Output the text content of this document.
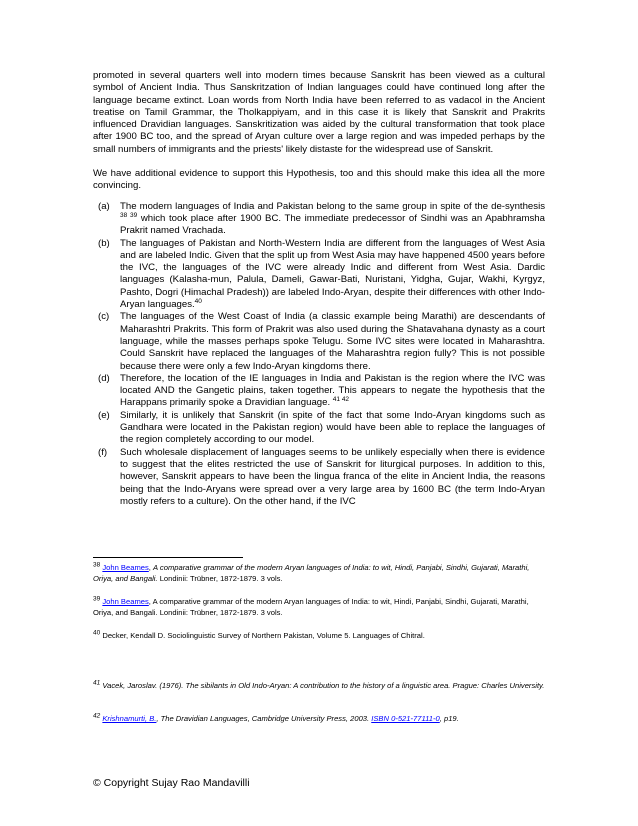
promoted in several quarters well into modern times because Sanskrit has been viewed as a cultural symbol of Ancient India. Thus Sanskritzation of Indian languages could have continued long after the language became extinct. Loan words from North India have been referred to as vadacol in the Ancient treatise on Tamil Grammar, the Tholkappiyam, and in this case it is likely that Sanskrit and Prakrits influenced Dravidian languages. Sanskritization was aided by the cultural transformation that took place after 1900 BC too, and the spread of Aryan culture over a large region and was impeded perhaps by the small numbers of immigrants and the priests' likely distaste for the widespread use of Sanskrit.

We have additional evidence to support this Hypothesis, too and this should make this idea all the more convincing.

(a) The modern languages of India and Pakistan belong to the same group in spite of the de-synthesis $^{38 39}$ which took place after 1900 BC. The immediate predecessor of Sindhi was an Apabhramsha Prakrit named Vrachada.
(b) The languages of Pakistan and North-Western India are different from the languages of West Asia and are labeled Indic. Given that the split up from West Asia may have happened 4500 years before the IVC, the languages of the IVC were already Indic and different from West Asia. Dardic languages (Kalasha-mun, Palula, Dameli, Gawar-Bati, Nuristani, Yidgha, Gujar, Wakhi, Kyrgyz, Pashto, Dogri (Himachal Pradesh)) are labeled Indo-Aryan, despite their differences with other Indo-Aryan languages.$^{40}$
(c) The languages of the West Coast of India (a classic example being Marathi) are descendants of Maharashtri Prakrits. This form of Prakrit was also used during the Shatavahana dynasty as a court language, while the masses perhaps spoke Telugu. Some IVC sites were located in Maharashtra. Could Sanskrit have replaced the languages of the Maharashtra region fully? This is not possible because there were only a few Indo-Aryan kingdoms there.
(d) Therefore, the location of the IE languages in India and Pakistan is the region where the IVC was located AND the Gangetic plains, taken together. This appears to negate the hypothesis that the Harappans primarily spoke a Dravidian language. $^{41 42}$
(e) Similarly, it is unlikely that Sanskrit (in spite of the fact that some Indo-Aryan kingdoms such as Gandhara were located in the Pakistan region) would have been able to replace the languages of the region completely according to our model.
(f) Such wholesale displacement of languages seems to be unlikely especially when there is evidence to suggest that the elites restricted the use of Sanskrit for liturgical purposes. In addition to this, however, Sanskrit appears to have been the lingua franca of the elite in Ancient India, the reasons being that the Indo-Aryans were spread over a very large area by 1600 BC (the term Indo-Aryan mostly refers to a culture). On the other hand, if the IVC
$^{38}$ John Beames, A comparative grammar of the modern Aryan languages of India: to wit, Hindi, Panjabi, Sindhi, Gujarati, Marathi, Oriya, and Bangali. Londinii: Trübner, 1872-1879. 3 vols.
$^{39}$ John Beames, A comparative grammar of the modern Aryan languages of India: to wit, Hindi, Panjabi, Sindhi, Gujarati, Marathi, Oriya, and Bangali. Londinii: Trübner, 1872-1879. 3 vols.
$^{40}$ Decker, Kendall D. Sociolinguistic Survey of Northern Pakistan, Volume 5. Languages of Chitral.
$^{41}$ Vacek, Jaroslav. (1976). The sibilants in Old Indo-Aryan: A contribution to the history of a linguistic area. Prague: Charles University.
$^{42}$ Krishnamurti, B., The Dravidian Languages, Cambridge University Press, 2003. ISBN 0-521-77111-0, p19.
© Copyright Sujay Rao Mandavilli
